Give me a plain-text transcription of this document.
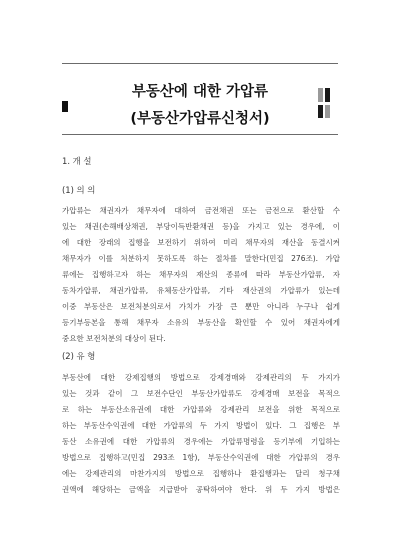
부동산에 대한 가압류
(부동산가압류신청서)
1. 개 설
(1) 의 의
가압류는 채권자가 채무자에 대하여 금전채권 또는 금전으로 환산할 수
있는 채권(손해배상채권, 부당이득반환채권 등)을 가지고 있는 경우에, 이
에 대한 장래의 집행을 보전하기 위하여 미리 채무자의 재산을 동결시켜
채무자가 이를 처분하지 못하도록 하는 절차를 말한다(민집 276조). 가압
류에는 집행하고자 하는 채무자의 재산의 종류에 따라 부동산가압류, 자
동차가압류, 채권가압류, 유체동산가압류, 기타 재산권의 가압류가 있는데
이중 부동산은 보전처분의로서 가치가 가장 큰 뿐만 아니라 누구나 쉽게
등기부등본을 통해 채무자 소유의 부동산을 확인할 수 있어 채권자에게
중요한 보전처분의 대상이 된다.
(2) 유 형
부동산에 대한 강제집행의 방법으로 강제경매와 강제관리의 두 가지가
있는 것과 같이 그 보전수단인 부동산가압류도 강제경매 보전을 목적으
로 하는 부동산소유권에 대한 가압류와 강제관리 보전을 위한 목적으로
하는 부동산수익권에 대한 가압류의 두 가지 방법이 있다. 그 집행은 부
동산 소유권에 대한 가압류의 경우에는 가압류명령을 등기부에 기입하는
방법으로 집행하고(민집 293조 1항), 부동산수익권에 대한 가압류의 경우
에는 강제관리의 마찬가지의 방법으로 집행하나 환집행과는 달리 청구채
권액에 해당하는 금액을 지급받아 공탁하여야 한다. 위 두 가지 방법은
